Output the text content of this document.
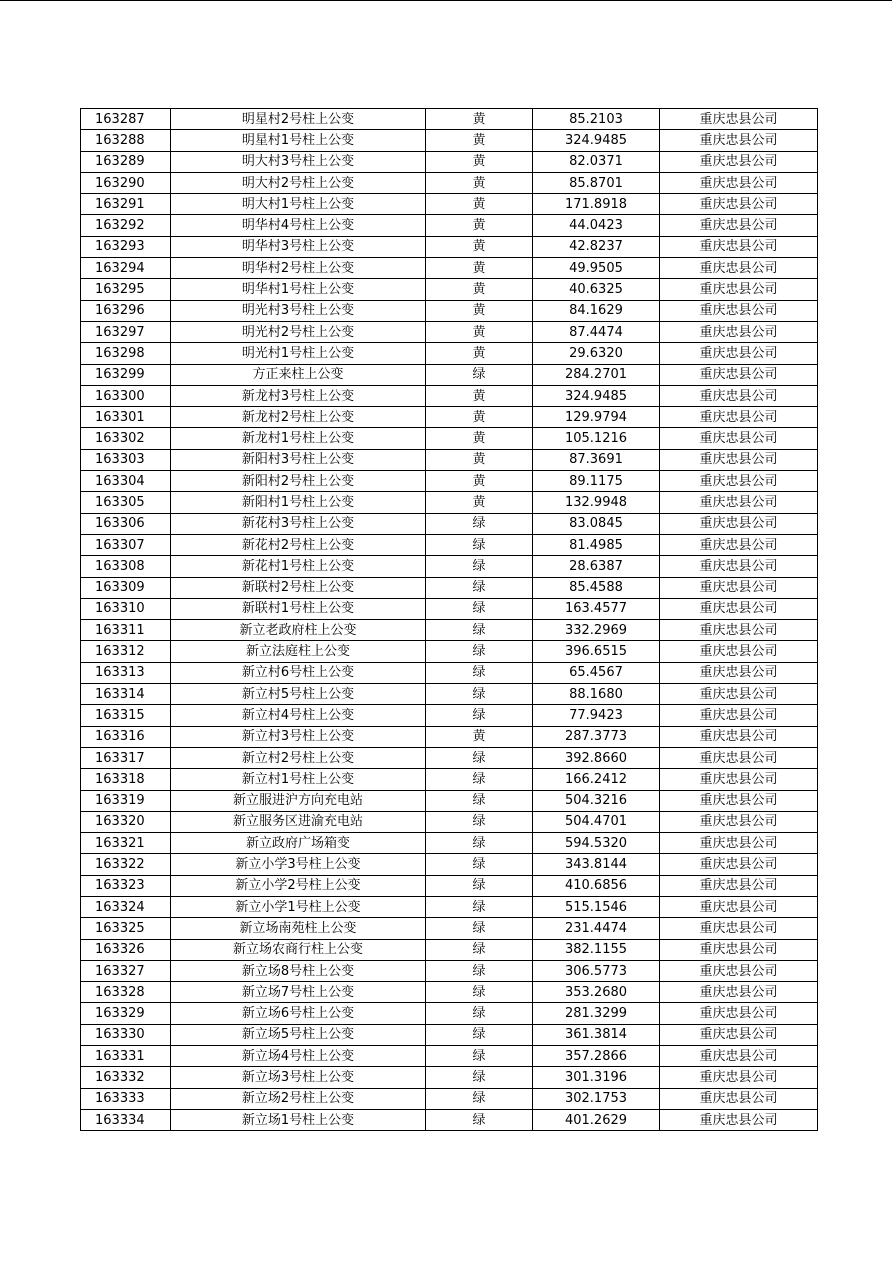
163287	明星村2号柱上公变	黄	85.2103	重庆忠县公司
163288	明星村1号柱上公变	黄	324.9485	重庆忠县公司
163289	明大村3号柱上公变	黄	82.0371	重庆忠县公司
163290	明大村2号柱上公变	黄	85.8701	重庆忠县公司
163291	明大村1号柱上公变	黄	171.8918	重庆忠县公司
163292	明华村4号柱上公变	黄	44.0423	重庆忠县公司
163293	明华村3号柱上公变	黄	42.8237	重庆忠县公司
163294	明华村2号柱上公变	黄	49.9505	重庆忠县公司
163295	明华村1号柱上公变	黄	40.6325	重庆忠县公司
163296	明光村3号柱上公变	黄	84.1629	重庆忠县公司
163297	明光村2号柱上公变	黄	87.4474	重庆忠县公司
163298	明光村1号柱上公变	黄	29.6320	重庆忠县公司
163299	方正来柱上公变	绿	284.2701	重庆忠县公司
163300	新龙村3号柱上公变	黄	324.9485	重庆忠县公司
163301	新龙村2号柱上公变	黄	129.9794	重庆忠县公司
163302	新龙村1号柱上公变	黄	105.1216	重庆忠县公司
163303	新阳村3号柱上公变	黄	87.3691	重庆忠县公司
163304	新阳村2号柱上公变	黄	89.1175	重庆忠县公司
163305	新阳村1号柱上公变	黄	132.9948	重庆忠县公司
163306	新花村3号柱上公变	绿	83.0845	重庆忠县公司
163307	新花村2号柱上公变	绿	81.4985	重庆忠县公司
163308	新花村1号柱上公变	绿	28.6387	重庆忠县公司
163309	新联村2号柱上公变	绿	85.4588	重庆忠县公司
163310	新联村1号柱上公变	绿	163.4577	重庆忠县公司
163311	新立老政府柱上公变	绿	332.2969	重庆忠县公司
163312	新立法庭柱上公变	绿	396.6515	重庆忠县公司
163313	新立村6号柱上公变	绿	65.4567	重庆忠县公司
163314	新立村5号柱上公变	绿	88.1680	重庆忠县公司
163315	新立村4号柱上公变	绿	77.9423	重庆忠县公司
163316	新立村3号柱上公变	黄	287.3773	重庆忠县公司
163317	新立村2号柱上公变	绿	392.8660	重庆忠县公司
163318	新立村1号柱上公变	绿	166.2412	重庆忠县公司
163319	新立服进沪方向充电站	绿	504.3216	重庆忠县公司
163320	新立服务区进渝充电站	绿	504.4701	重庆忠县公司
163321	新立政府广场箱变	绿	594.5320	重庆忠县公司
163322	新立小学3号柱上公变	绿	343.8144	重庆忠县公司
163323	新立小学2号柱上公变	绿	410.6856	重庆忠县公司
163324	新立小学1号柱上公变	绿	515.1546	重庆忠县公司
163325	新立场南苑柱上公变	绿	231.4474	重庆忠县公司
163326	新立场农商行柱上公变	绿	382.1155	重庆忠县公司
163327	新立场8号柱上公变	绿	306.5773	重庆忠县公司
163328	新立场7号柱上公变	绿	353.2680	重庆忠县公司
163329	新立场6号柱上公变	绿	281.3299	重庆忠县公司
163330	新立场5号柱上公变	绿	361.3814	重庆忠县公司
163331	新立场4号柱上公变	绿	357.2866	重庆忠县公司
163332	新立场3号柱上公变	绿	301.3196	重庆忠县公司
163333	新立场2号柱上公变	绿	302.1753	重庆忠县公司
163334	新立场1号柱上公变	绿	401.2629	重庆忠县公司
